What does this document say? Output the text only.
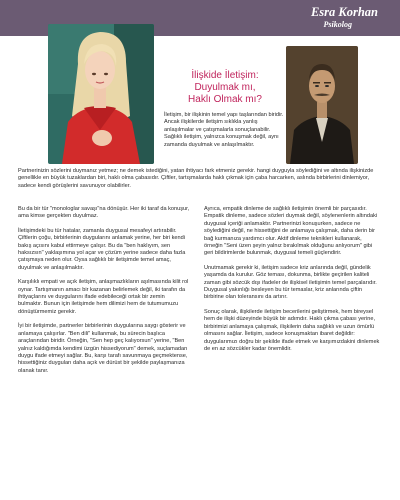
Esra Korhan
Psikolog
İlişkide İletişim:
Duyulmak mı,
Haklı Olmak mı?
İletişim, bir ilişkinin temel yapı taşlarından biridir. Ancak ilişkilerde iletişim sıklıkla yanlış anlaşılmalar ve çatışmalarla sonuçlanabilir. Sağlıklı iletişim, yalnızca konuşmak değil, aynı zamanda duyulmak ve anlaşılmaktır.
Partnerinizin sözlerini duymanız yetmez; ne demek istediğini, yatan ihtiyacı fark etmeniz gerekir. hangi duyguyla söylediğini ve altında ilişkinizde genellikle en büyük tuzaklardan biri, haklı olma çabasıdır. Çiftler, tartışmalarda haklı çıkmak için çaba harcarken, aslında birbirlerini dinlemiyor, sadece kendi görüşlerini savunuyor olabilirler.

Bu da bir tür "monologlar savaşı"na dönüşür. Her iki taraf da konuşur, ama kimse gerçekten duyulmaz.

İletişimdeki bu tür hatalar, zamanla duygusal mesafeyi artırabilir. Çiftlerin çoğu, birbirlerinin duygularını anlamak yerine, her biri kendi bakış açısını kabul ettirmeye çalışır. Bu da "ben haklıyım, sen haksızsın" yaklaşımına yol açar ve çözüm yerine sadece daha fazla çatışmaya neden olur. Oysa sağlıklı bir iletişimde temel amaç, duyulmak ve anlaşılmaktır.

Karşılıklı empati ve açık iletişim, anlaşmazlıkların aşılmasında kilit rol oynar. Tartışmanın amacı bir kazanan belirlemek değil, iki tarafın da ihtiyaçlarını ve duygularını ifade edebileceği ortak bir zemin bulmaktır. Bunun için iletişimde hem dilimizi hem de tutumumuzu dönüştürmemiz gerekir.

İyi bir iletişimde, partnerler birbirlerinin duygularına saygı gösterir ve anlamaya çalışırlar. "Ben dili" kullanmak, bu sürecin başlıca araçlarından biridir. Örneğin, "Sen hep geç kalıyorsun" yerine, "Ben yalnız kaldığımda kendimi üzgün hissediyorum" demek, suçlamadan duygu ifade etmeyi sağlar. Bu, karşı tarafı savunmaya geçmektense, hissettiğiniz duyguları daha açık ve dürüst bir şekilde paylaşmanıza olanak tanır.

Ayrıca, empatik dinleme de sağlıklı iletişimin önemli bir parçasıdır. Empatik dinleme, sadece sözleri duymak değil, söylenenlerin altındaki duygusal içeriği anlamaktır. Partnerinizi konuşurken, sadece ne söylediğini değil, ne hissettiğini de anlamaya çalışmak, daha derin bir bağ kurmanıza yardımcı olur. Aktif dinleme teknikleri kullanarak, örneğin "Seni üzen şeyin yalnız bırakılmak olduğunu anlıyorum" gibi geri bildirimlerde bulunmak, duygusal temeli güçlendirir.

Unutmamak gerekir ki, iletişim sadece kriz anlarında değil, gündelik yaşamda da kurulur. Göz teması, dokunma, birlikte geçirilen kaliteli zaman gibi sözcük dışı ifadeler de ilişkisel iletişimin temel parçalarıdır. Duygusal yakınlığı besleyen bu tür temaslar, kriz anlarında çiftin birbirine olan toleransını da artırır.

Sonuç olarak, ilişkilerde iletişim becerilerini geliştirmek, hem bireysel hem de ilişki düzeyinde büyük bir adımdır. Haklı çıkma çabası yerine, birbirimizi anlamaya çalışmak, ilişkilerin daha sağlıklı ve uzun ömürlü olmasını sağlar. İletişim, sadece konuşmaktan ibaret değildir: duygularımızı doğru bir şekilde ifade etmek ve karşımızdakini dinlemek de en az sözcükler kadar önemlidir.
